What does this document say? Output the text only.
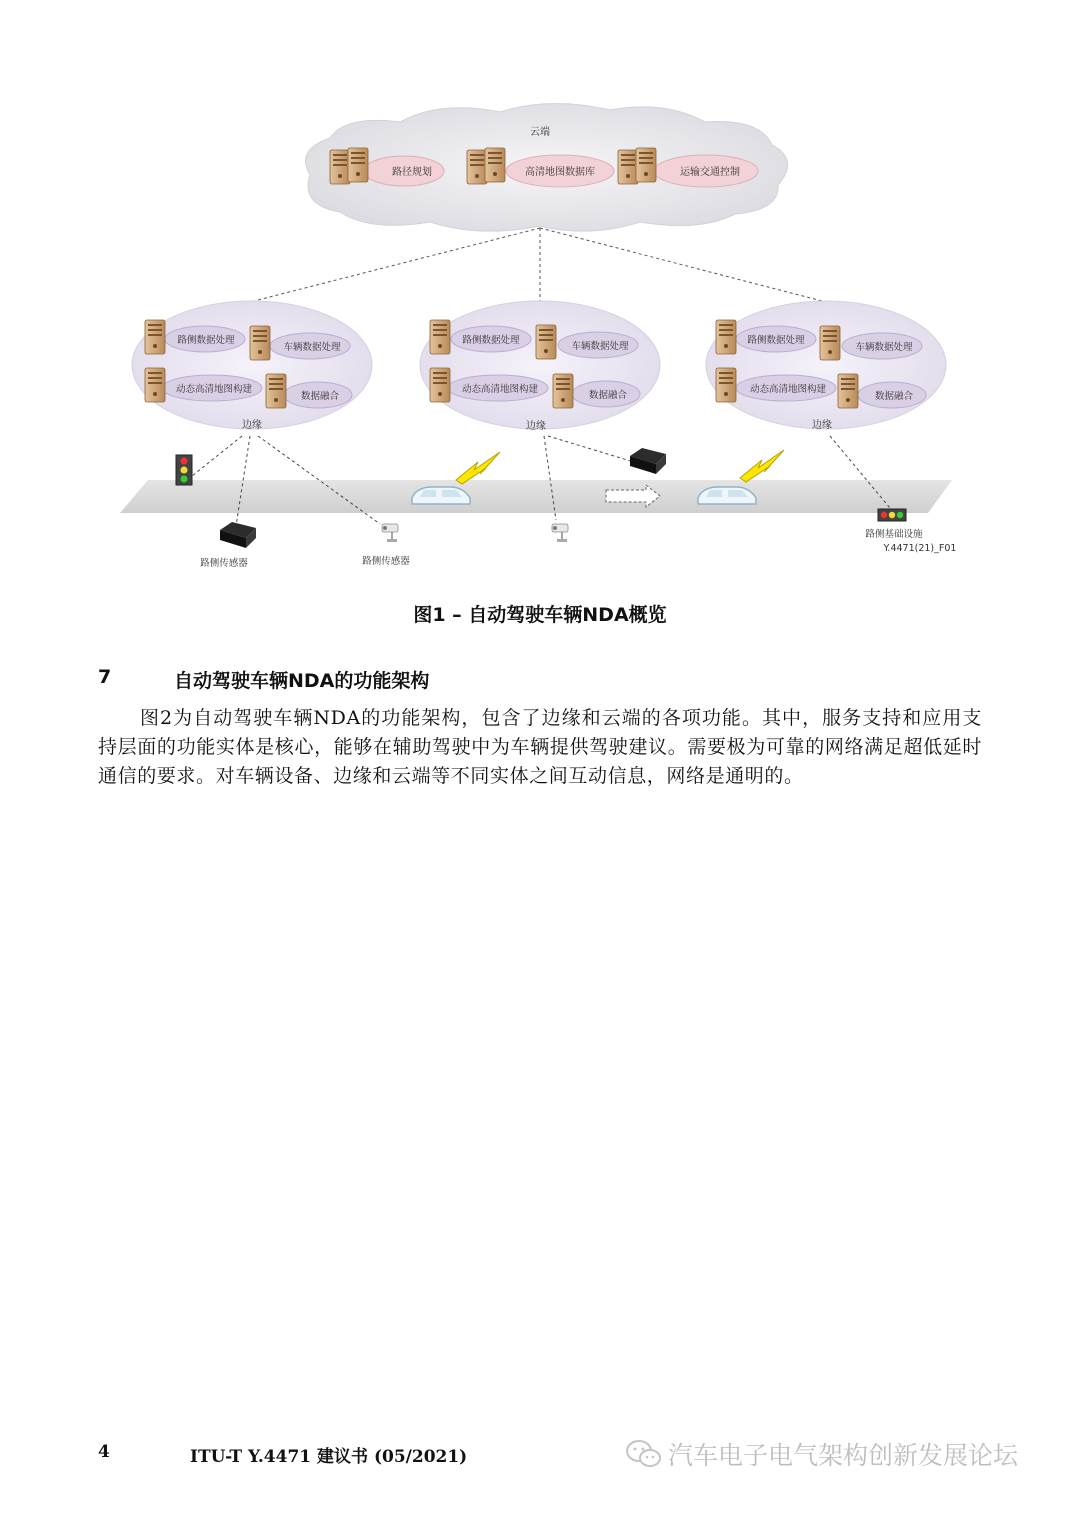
云端
路径规划	高清地图数据库	运输交通控制
路侧数据处理
车辆数据处理
动态高清地图构建
数据融合
边缘
路侧数据处理
车辆数据处理
动态高清地图构建
数据融合
边缘
路侧数据处理
车辆数据处理
动态高清地图构建
数据融合
边缘
路侧传感器	路侧传感器
路侧基础设施
Y.4471(21)_F01
图1 – 自动驾驶车辆NDA概览
7	自动驾驶车辆NDA的功能架构
图2为自动驾驶车辆NDA的功能架构，包含了边缘和云端的各项功能。其中，服务支持和应用支持层面的功能实体是核心，能够在辅助驾驶中为车辆提供驾驶建议。需要极为可靠的网络满足超低延时通信的要求。对车辆设备、边缘和云端等不同实体之间互动信息，网络是通明的。
4	ITU-T Y.4471 建议书 (05/2021)	汽车电子电气架构创新发展论坛
